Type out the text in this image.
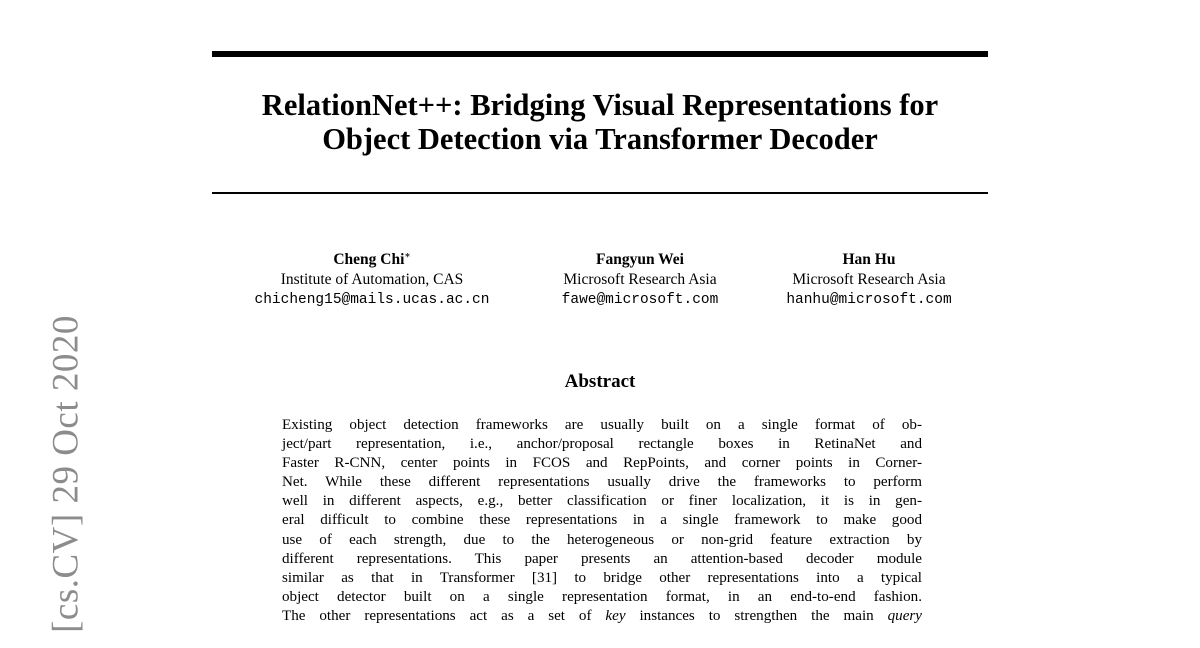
[cs.CV] 29 Oct 2020
RelationNet++: Bridging Visual Representations for
Object Detection via Transformer Decoder
Cheng Chi∗
Institute of Automation, CAS
chicheng15@mails.ucas.ac.cn
Fangyun Wei
Microsoft Research Asia
fawe@microsoft.com
Han Hu
Microsoft Research Asia
hanhu@microsoft.com
Abstract
Existing object detection frameworks are usually built on a single format of ob-
ject/part representation, i.e., anchor/proposal rectangle boxes in RetinaNet and
Faster R-CNN, center points in FCOS and RepPoints, and corner points in Corner-
Net. While these different representations usually drive the frameworks to perform
well in different aspects, e.g., better classification or finer localization, it is in gen-
eral difficult to combine these representations in a single framework to make good
use of each strength, due to the heterogeneous or non-grid feature extraction by
different representations. This paper presents an attention-based decoder module
similar as that in Transformer [31] to bridge other representations into a typical
object detector built on a single representation format, in an end-to-end fashion.
The other representations act as a set of key instances to strengthen the main query
